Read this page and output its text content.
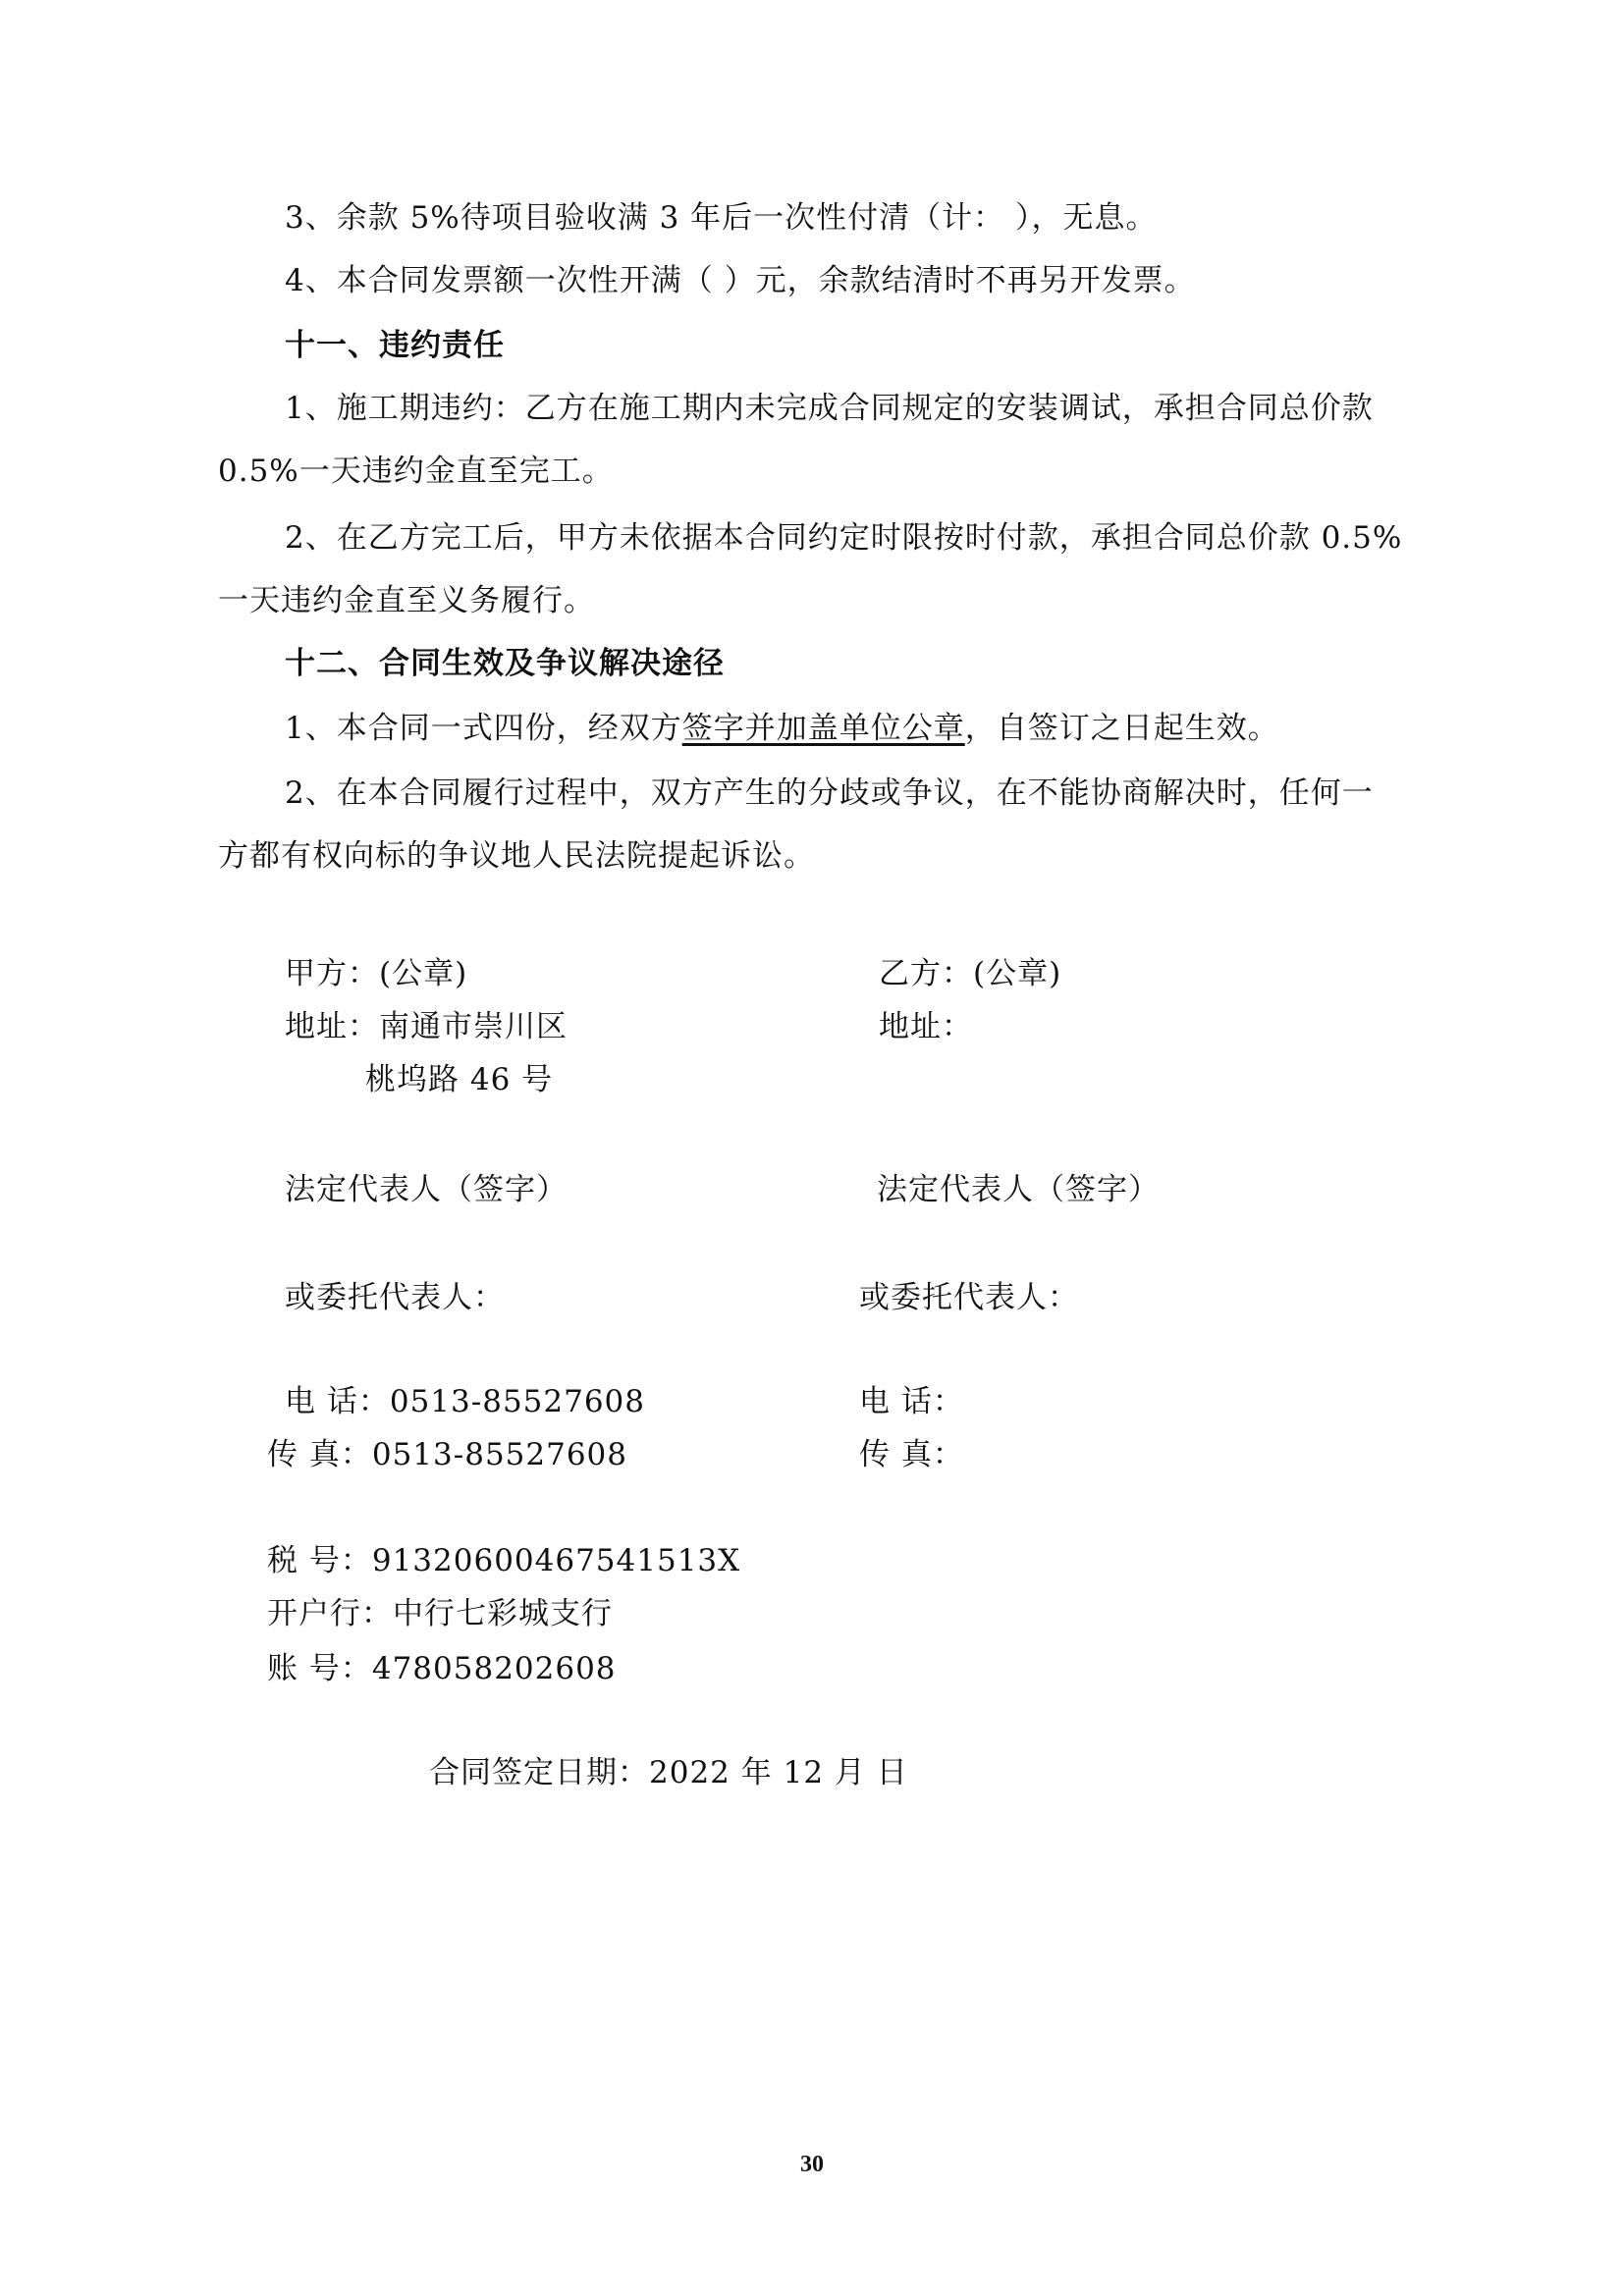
3、余款 5%待项目验收满 3 年后一次性付清（计： ），无息。
4、本合同发票额一次性开满（ ）元，余款结清时不再另开发票。
十一、违约责任
1、施工期违约：乙方在施工期内未完成合同规定的安装调试，承担合同总价款
0.5%一天违约金直至完工。
2、在乙方完工后，甲方未依据本合同约定时限按时付款，承担合同总价款 0.5%
一天违约金直至义务履行。
十二、合同生效及争议解决途径
1、本合同一式四份，经双方签字并加盖单位公章，自签订之日起生效。
2、在本合同履行过程中，双方产生的分歧或争议，在不能协商解决时，任何一
方都有权向标的争议地人民法院提起诉讼。
甲方：(公章)
地址：南通市崇川区
桃坞路 46 号
法定代表人（签字）
或委托代表人：
电 话：0513-85527608
传 真：0513-85527608
税 号：91320600467541513X
开户行：中行七彩城支行
账 号：478058202608
乙方：(公章)
地址：
法定代表人（签字）
或委托代表人：
电 话：
传 真：
合同签定日期：2022 年 12 月 日
30
